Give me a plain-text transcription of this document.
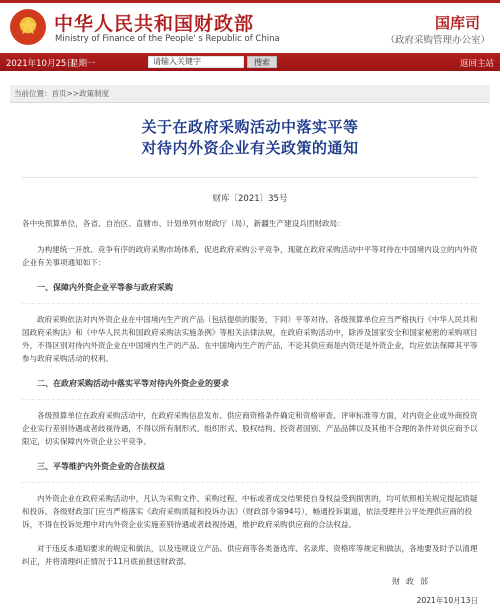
中华人民共和国财政部
Ministry of Finance of the People' s Republic of China
国库司
（政府采购管理办公室）
2021年10月25日
星期一	请输入关键字	搜索	返回主站
当前位置：首页>>政策制度
关于在政府采购活动中落实平等
对待内外资企业有关政策的通知
财库〔2021〕35号

各中央预算单位，各省、自治区、直辖市、计划单列市财政厅（局），新疆生产建设兵团财政局：

为构建统一开放、竞争有序的政府采购市场体系，促进政府采购公平竞争，现就在政府采购活动中平等对待在中国境内设立的内外资企业有关事项通知如下：

一、保障内外资企业平等参与政府采购

政府采购依法对内外资企业在中国境内生产的产品（包括提供的服务，下同）平等对待。各级预算单位应当严格执行《中华人民共和国政府采购法》和《中华人民共和国政府采购法实施条例》等相关法律法规，在政府采购活动中，除涉及国家安全和国家秘密的采购项目外，不得区别对待内外资企业在中国境内生产的产品。在中国境内生产的产品，不论其供应商是内资还是外资企业，均应依法保障其平等参与政府采购活动的权利。

二、在政府采购活动中落实平等对待内外资企业的要求

各级预算单位在政府采购活动中，在政府采购信息发布、供应商资格条件确定和资格审查、评审标准等方面，对内资企业或外商投资企业实行差别待遇或者歧视待遇，不得以所有制形式、组织形式、股权结构、投资者国别、产品品牌以及其他不合理的条件对供应商予以限定，切实保障内外资企业公平竞争。

三、平等维护内外资企业的合法权益

内外资企业在政府采购活动中，凡认为采购文件、采购过程、中标或者成交结果使自身权益受到损害的，均可依照相关规定提起质疑和投诉。各级财政部门应当严格落实《政府采购质疑和投诉办法》（财政部令第94号），畅通投诉渠道，依法受理并公平处理供应商的投诉，不得在投诉处理中对内外资企业实施差别待遇或者歧视待遇，维护政府采购供应商的合法权益。

对于违反本通知要求的规定和做法，以及违规设立产品、供应商等各类备选库、名录库、资格库等规定和做法，各地要及时予以清理纠正，并将清理纠正情况于11月底前报送财政部。

财政部
2021年10月13日
